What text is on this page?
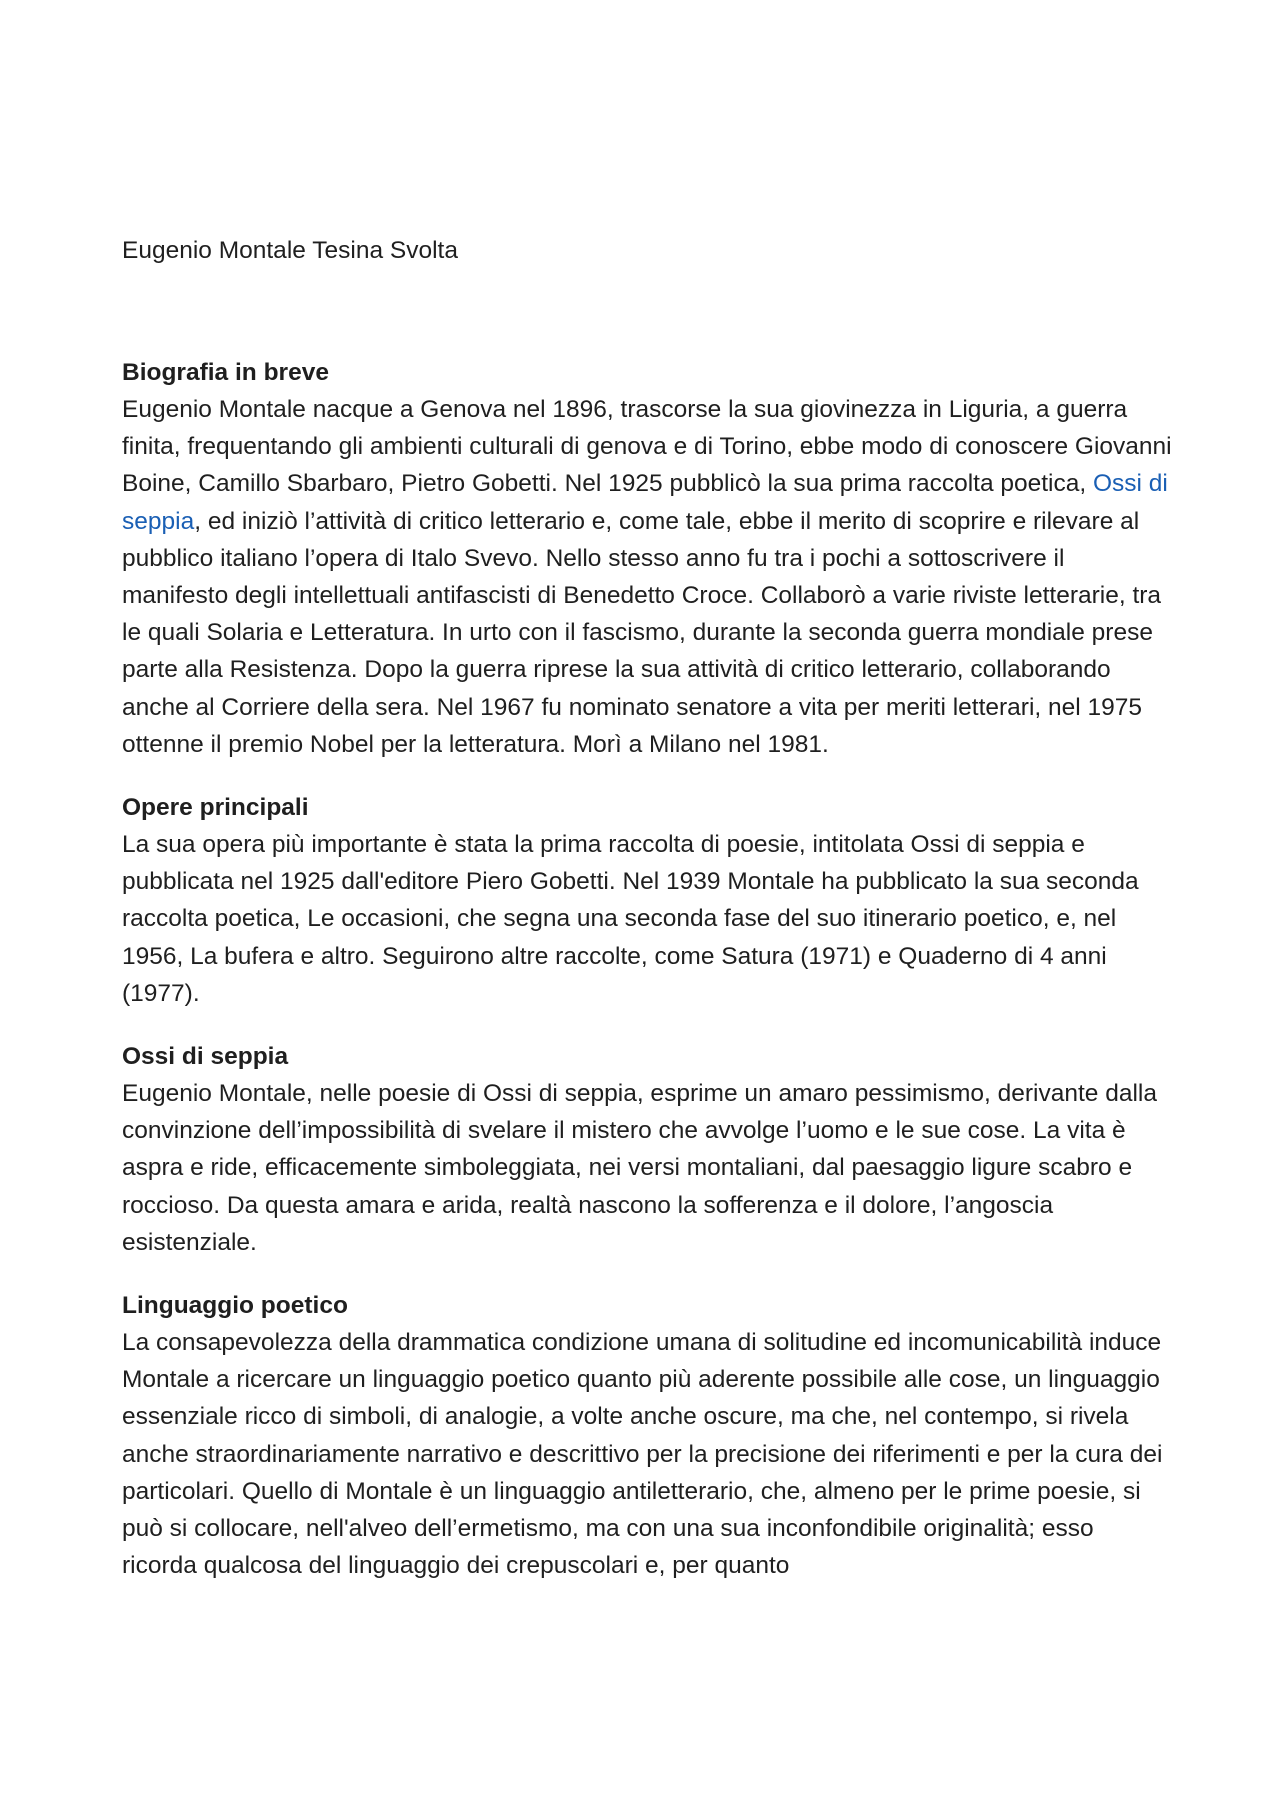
Eugenio Montale Tesina Svolta

Biografia in breve

Eugenio Montale nacque a Genova nel 1896, trascorse la sua giovinezza in Liguria, a guerra finita, frequentando gli ambienti culturali di genova e di Torino, ebbe modo di conoscere Giovanni Boine, Camillo Sbarbaro, Pietro Gobetti. Nel 1925 pubblicò la sua prima raccolta poetica, Ossi di seppia, ed iniziò l’attività di critico letterario e, come tale, ebbe il merito di scoprire e rilevare al pubblico italiano l’opera di Italo Svevo. Nello stesso anno fu tra i pochi a sottoscrivere il manifesto degli intellettuali antifascisti di Benedetto Croce. Collaborò a varie riviste letterarie, tra le quali Solaria e Letteratura. In urto con il fascismo, durante la seconda guerra mondiale prese parte alla Resistenza. Dopo la guerra riprese la sua attività di critico letterario, collaborando anche al Corriere della sera. Nel 1967 fu nominato senatore a vita per meriti letterari, nel 1975 ottenne il premio Nobel per la letteratura. Morì a Milano nel 1981.

Opere principali

La sua opera più importante è stata la prima raccolta di poesie, intitolata Ossi di seppia e pubblicata nel 1925 dall'editore Piero Gobetti. Nel 1939 Montale ha pubblicato la sua seconda raccolta poetica, Le occasioni, che segna una seconda fase del suo itinerario poetico, e, nel 1956, La bufera e altro. Seguirono altre raccolte, come Satura (1971) e Quaderno di 4 anni (1977).

Ossi di seppia

Eugenio Montale, nelle poesie di Ossi di seppia, esprime un amaro pessimismo, derivante dalla convinzione dell’impossibilità di svelare il mistero che avvolge l’uomo e le sue cose. La vita è aspra e ride, efficacemente simboleggiata, nei versi montaliani, dal paesaggio ligure scabro e roccioso. Da questa amara e arida, realtà nascono la sofferenza e il dolore, l’angoscia esistenziale.

Linguaggio poetico

La consapevolezza della drammatica condizione umana di solitudine ed incomunicabilità induce Montale a ricercare un linguaggio poetico quanto più aderente possibile alle cose, un linguaggio essenziale ricco di simboli, di analogie, a volte anche oscure, ma che, nel contempo, si rivela anche straordinariamente narrativo e descrittivo per la precisione dei riferimenti e per la cura dei particolari. Quello di Montale è un linguaggio antiletterario, che, almeno per le prime poesie, si può si collocare, nell'alveo dell’ermetismo, ma con una sua inconfondibile originalità; esso ricorda qualcosa del linguaggio dei crepuscolari e, per quanto
